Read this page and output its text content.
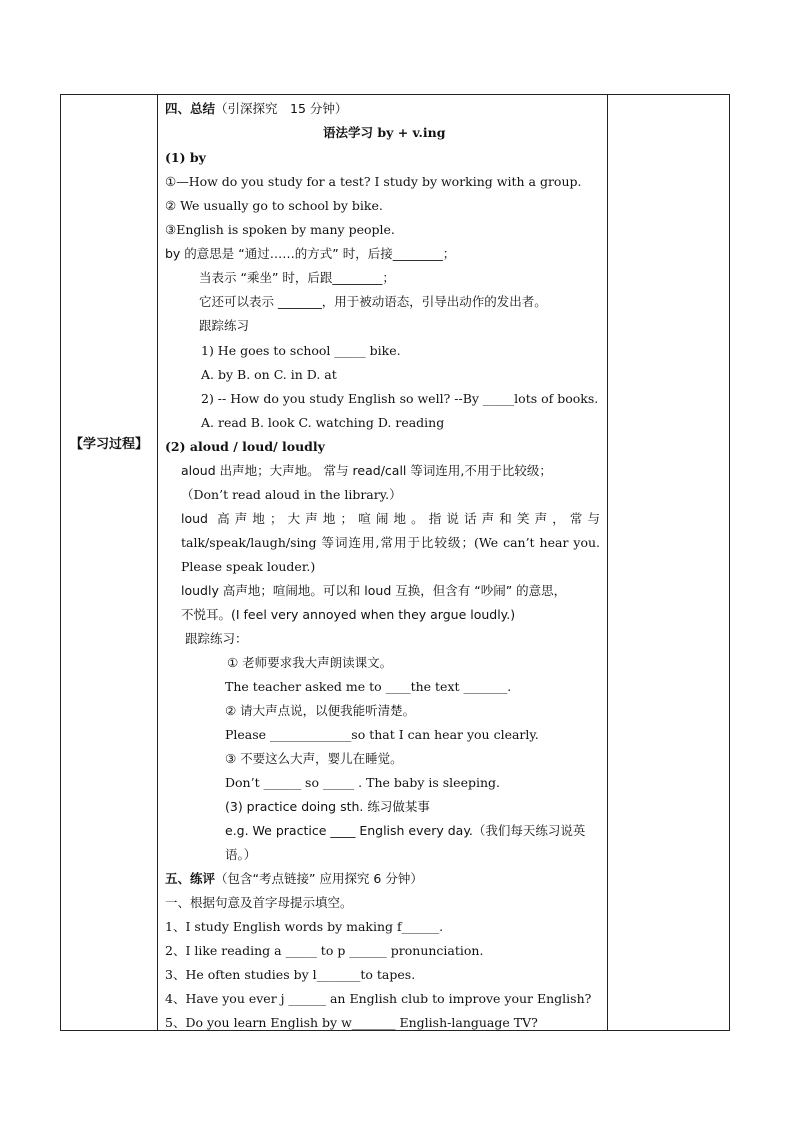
【学习过程】
四、总结（引深探究　15 分钟）
语法学习 by + v.ing
(1) by
①—How do you study for a test? I study by working with a group.
② We usually go to school by bike.
③English is spoken by many people.
by 的意思是 “通过……的方式” 时，后接________；
当表示 “乘坐” 时，后跟________；
它还可以表示 _______，用于被动语态，引导出动作的发出者。
跟踪练习
1) He goes to school _____ bike.
A. by B. on C. in D. at
2) -- How do you study English so well? --By _____lots of books.
A. read B. look C. watching D. reading
(2) aloud / loud/ loudly
aloud 出声地；大声地。 常与 read/call 等词连用,不用于比较级；
（Don’t read aloud in the library.）
loud 高声地；大声地；喧闹地。指说话声和笑声，常与
talk/speak/laugh/sing 等词连用,常用于比较级；(We can’t hear you.
Please speak louder.)
loudly 高声地；喧闹地。可以和 loud 互换，但含有 “吵闹” 的意思，
不悦耳。(I feel very annoyed when they argue loudly.)
跟踪练习：
① 老师要求我大声朗读课文。
The teacher asked me to ____the text _______.
② 请大声点说，以便我能听清楚。
Please _____________so that I can hear you clearly.
③ 不要这么大声，婴儿在睡觉。
Don’t ______ so _____ . The baby is sleeping.
(3) practice doing sth. 练习做某事
e.g. We practice ____ English every day.（我们每天练习说英
语。）
五、练评（包含“考点链接” 应用探究 6 分钟）
一、根据句意及首字母提示填空。
1、I study English words by making f______.
2、I like reading a _____ to p ______ pronunciation.
3、He often studies by l_______to tapes.
4、Have you ever j ______ an English club to improve your English?
5、Do you learn English by w_______ English-language TV?
